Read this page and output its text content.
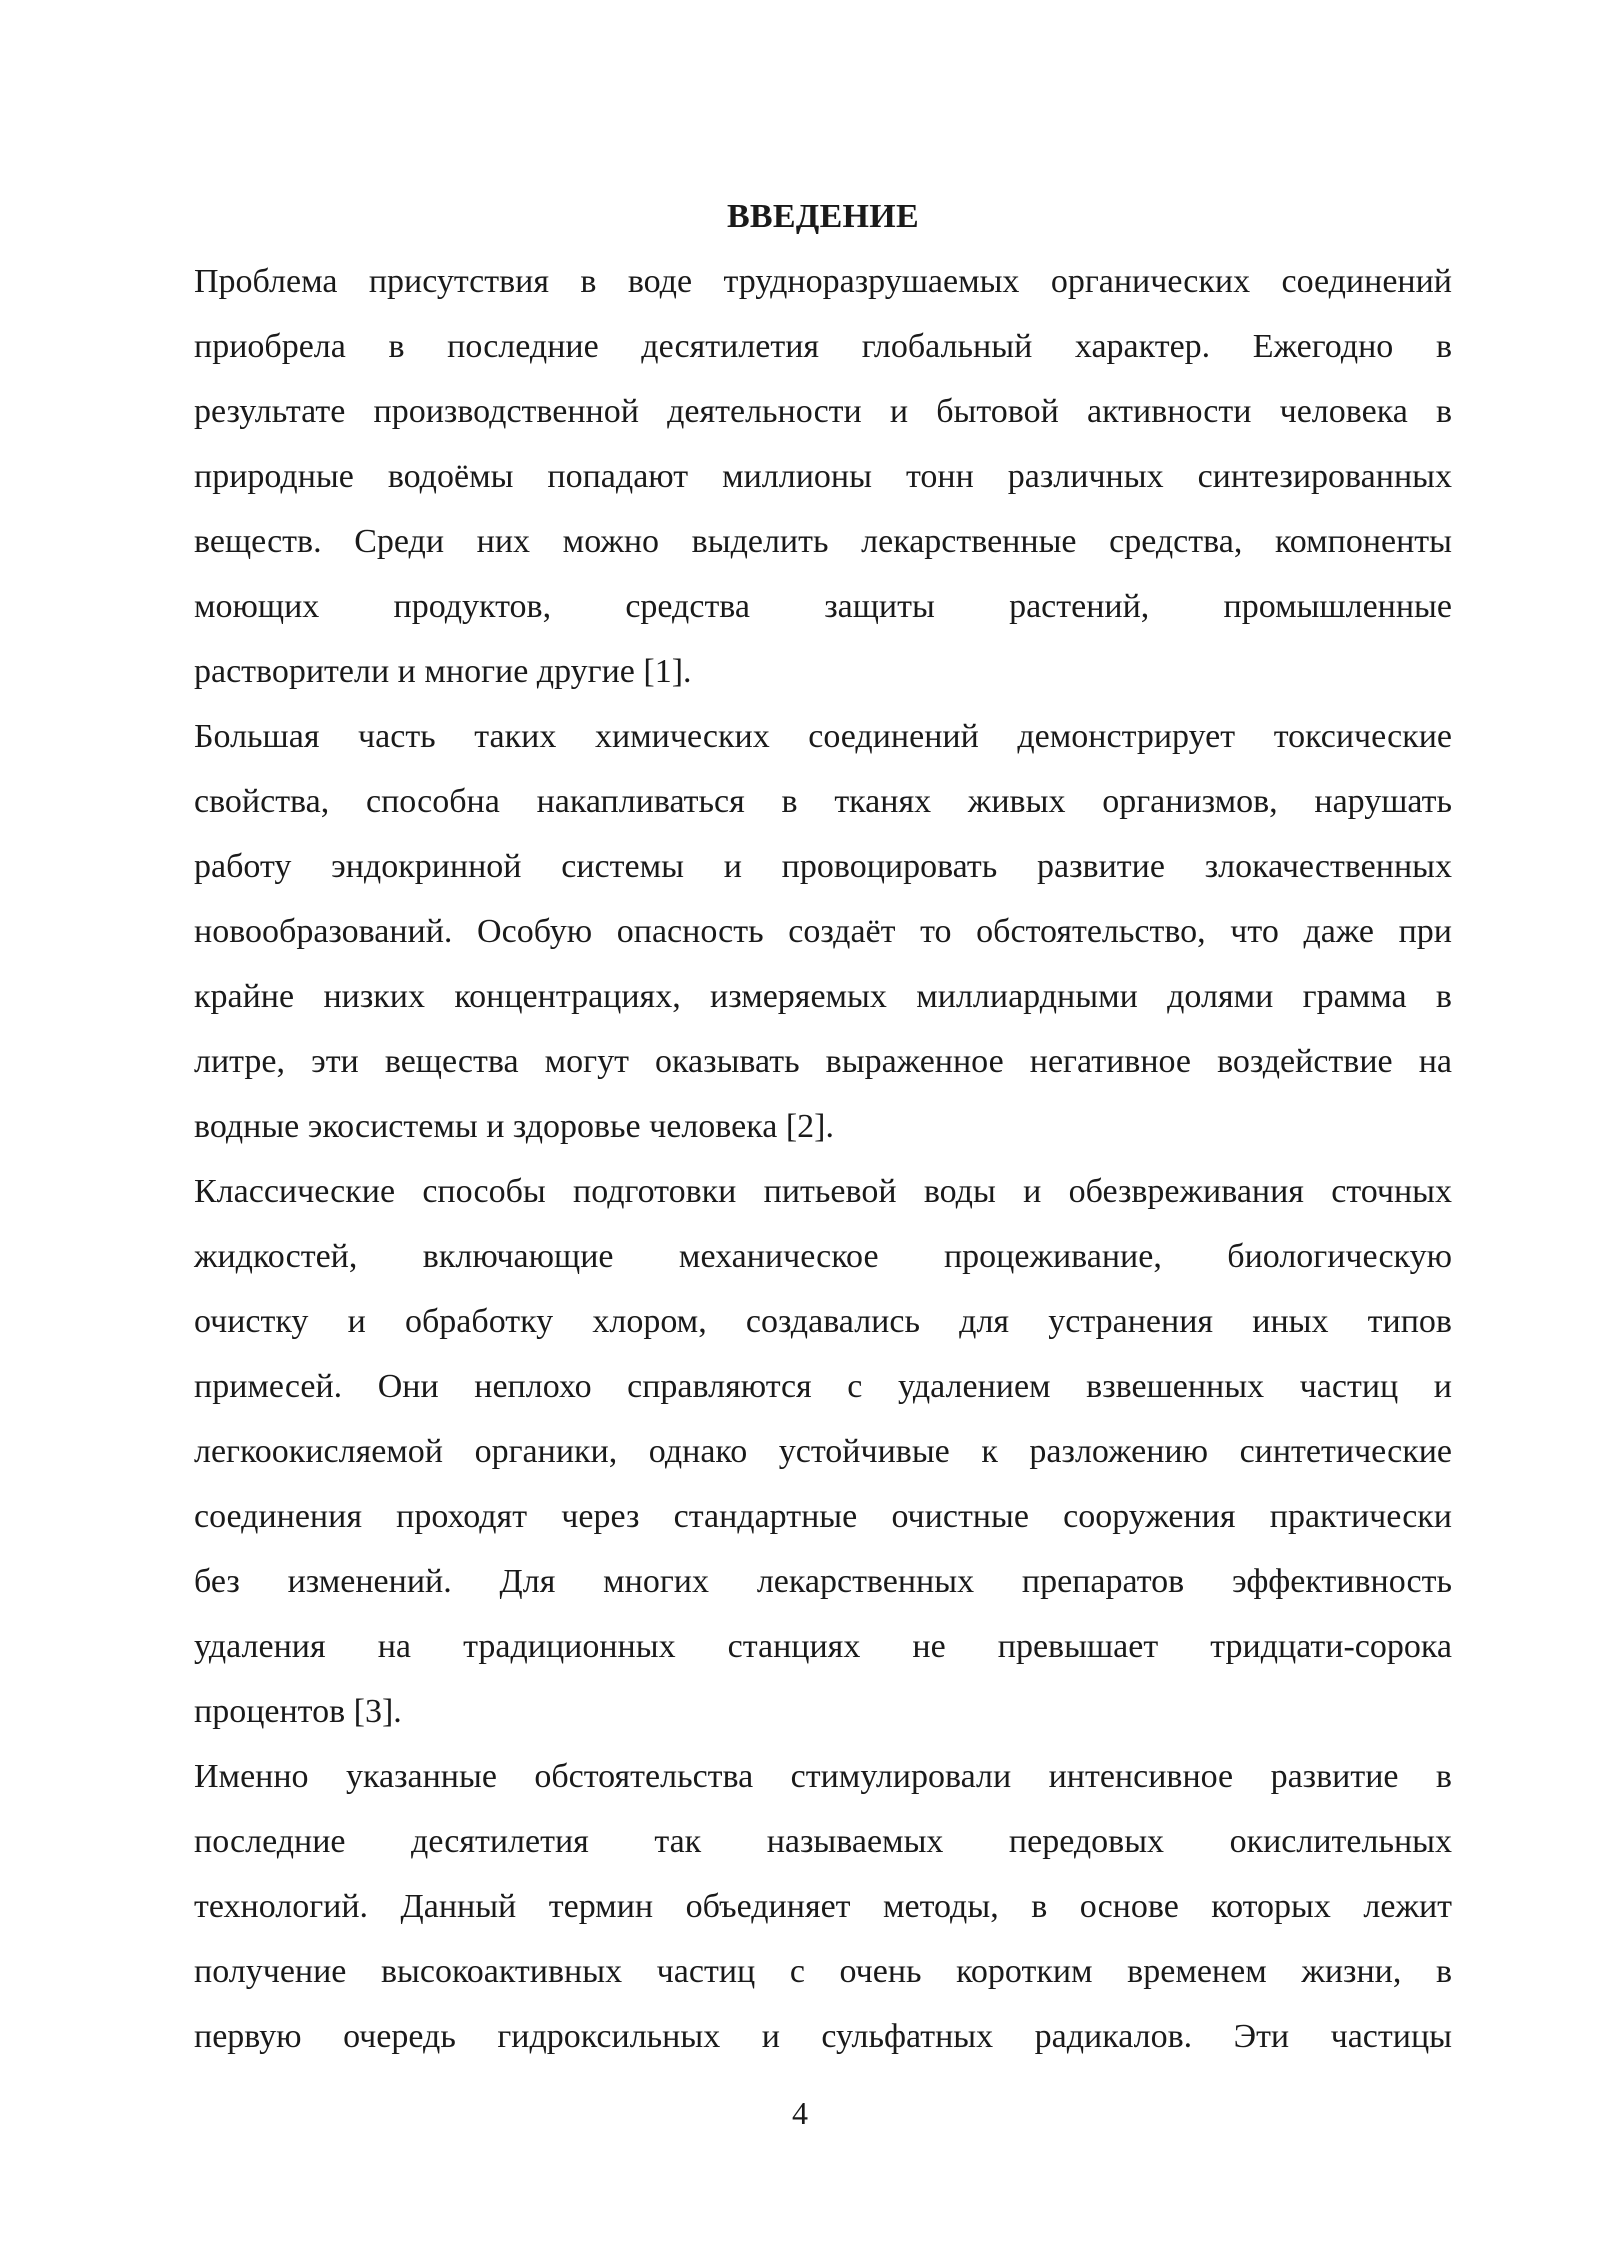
ВВЕДЕНИЕ

Проблема присутствия в воде трудноразрушаемых органических соединений
приобрела в последние десятилетия глобальный характер. Ежегодно в
результате производственной деятельности и бытовой активности человека в
природные водоёмы попадают миллионы тонн различных синтезированных
веществ. Среди них можно выделить лекарственные средства, компоненты
моющих продуктов, средства защиты растений, промышленные
растворители и многие другие [1].

Большая часть таких химических соединений демонстрирует токсические
свойства, способна накапливаться в тканях живых организмов, нарушать
работу эндокринной системы и провоцировать развитие злокачественных
новообразований. Особую опасность создаёт то обстоятельство, что даже при
крайне низких концентрациях, измеряемых миллиардными долями грамма в
литре, эти вещества могут оказывать выраженное негативное воздействие на
водные экосистемы и здоровье человека [2].

Классические способы подготовки питьевой воды и обезвреживания сточных
жидкостей, включающие механическое процеживание, биологическую
очистку и обработку хлором, создавались для устранения иных типов
примесей. Они неплохо справляются с удалением взвешенных частиц и
легкоокисляемой органики, однако устойчивые к разложению синтетические
соединения проходят через стандартные очистные сооружения практически
без изменений. Для многих лекарственных препаратов эффективность
удаления на традиционных станциях не превышает тридцати-сорока
процентов [3].

Именно указанные обстоятельства стимулировали интенсивное развитие в
последние десятилетия так называемых передовых окислительных
технологий. Данный термин объединяет методы, в основе которых лежит
получение высокоактивных частиц с очень коротким временем жизни, в
первую очередь гидроксильных и сульфатных радикалов. Эти частицы

4
